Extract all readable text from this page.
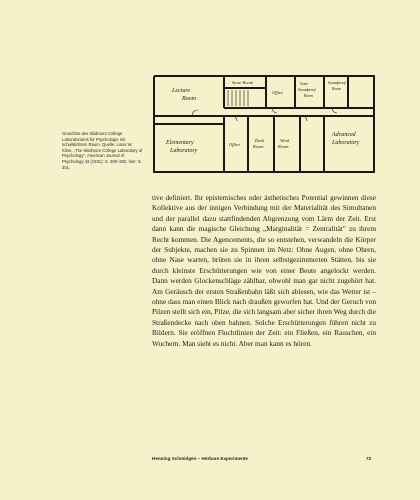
Lecture
Room
Store Room
Office
Semi-
Soundproof
Room
Soundproof
Room
Elementary
Laboratory
Office
Dark
Room
Work
Room
Advanced
Laboratory
Grundriss des Skidmore College Laboratoriums für Psychologie mit schalldichtem Raum. Quelle: Linus W. Kline, „The Skidmore College Laboratory of Psychology", American Journal of Psychology 43 (1931): S. 300–302, hier: S. 301.

tive definiert. Ihr epistemisches oder ästhetisches Potential gewinnen diese Kollektive aus der innigen Verbindung mit der Materialität des Simultanen und der parallel dazu stattfindenden Abgrenzung vom Lärm der Zeit. Erst dann kann die magische Gleichung „Marginalität = Zentralität" zu ihrem Recht kommen. Die Agencements, die so entstehen, verwandeln die Körper der Subjekte, machen sie zu Spinnen im Netz: Ohne Augen, ohne Ohren, ohne Nase warten, brüten sie in ihren selbstgezimmerten Stätten, bis sie durch kleinste Erschütterungen wie von einer Beute angelockt werden. Dann werden Glockenschläge zählbar, obwohl man gar nicht zugehört hat. Am Geräusch der ersten Straßenbahn läßt sich ablesen, wie das Wetter ist – ohne dass man einen Blick nach draußen geworfen hat. Und der Geruch von Pilzen stellt sich ein, Pilze, die sich langsam aber sicher ihren Weg durch die Straßendecke nach oben bahnen. Solche Erschütterungen führen nicht zu Bildern. Sie eröffnen Fluchtlinien der Zeit: ein Fließen, ein Rauschen, ein Wuchern. Man sieht es nicht. Aber man kann es hören.

Henning Schmidgen – Hörbare Experimente	73
